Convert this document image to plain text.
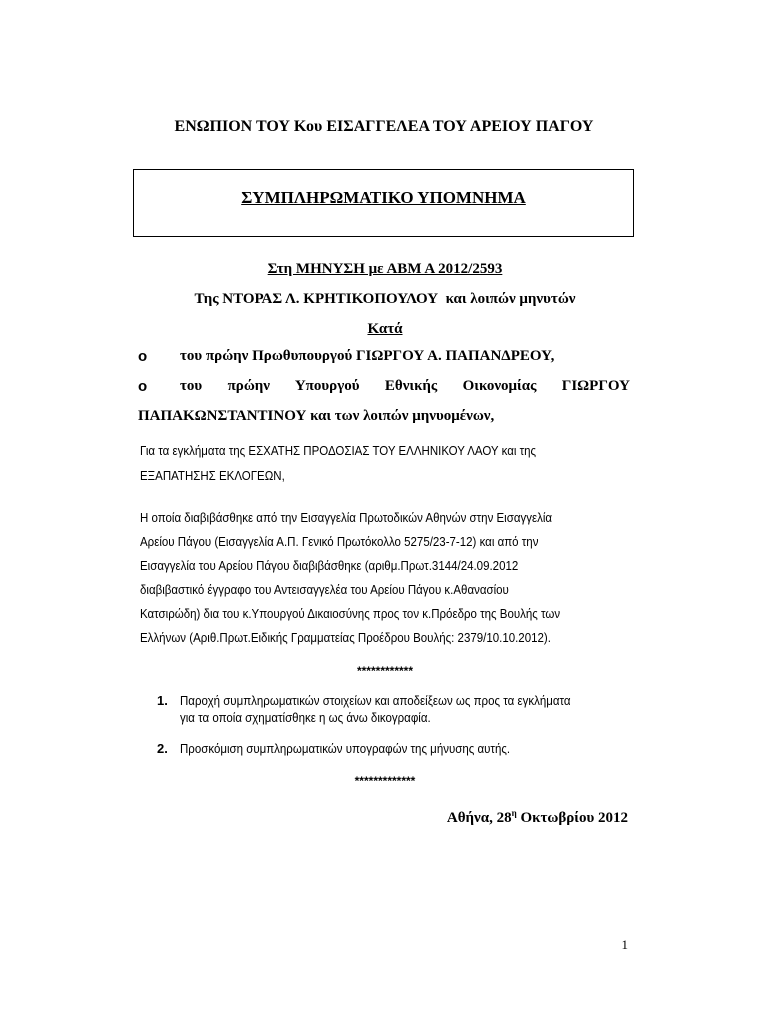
ΕΝΩΠΙΟΝ ΤΟΥ Κου ΕΙΣΑΓΓΕΛΕΑ ΤΟΥ ΑΡΕΙΟΥ ΠΑΓΟΥ
ΣΥΜΠΛΗΡΩΜΑΤΙΚΟ ΥΠΟΜΝΗΜΑ
Στη ΜΗΝΥΣΗ με ΑΒΜ Α 2012/2593
Της ΝΤΟΡΑΣ Λ. ΚΡΗΤΙΚΟΠΟΥΛΟΥ  και λοιπών μηνυτών
Κατά
o του πρώην Πρωθυπουργού ΓΙΩΡΓΟΥ Α. ΠΑΠΑΝΔΡΕΟΥ,
o του πρώην Υπουργού Εθνικής Οικονομίας ΓΙΩΡΓΟΥ
ΠΑΠΑΚΩΝΣΤΑΝΤΙΝΟΥ και των λοιπών μηνυομένων,
Για τα εγκλήματα της ΕΣΧΑΤΗΣ ΠΡΟΔΟΣΙΑΣ ΤΟΥ ΕΛΛΗΝΙΚΟΥ ΛΑΟΥ και της
ΕΞΑΠΑΤΗΣΗΣ ΕΚΛΟΓΕΩΝ,
Η οποία διαβιβάσθηκε από την Εισαγγελία Πρωτοδικών Αθηνών στην Εισαγγελία
Αρείου Πάγου (Εισαγγελία Α.Π. Γενικό Πρωτόκολλο 5275/23-7-12) και από την
Εισαγγελία του Αρείου Πάγου διαβιβάσθηκε (αριθμ.Πρωτ.3144/24.09.2012
διαβιβαστικό έγγραφο του Αντεισαγγελέα του Αρείου Πάγου κ.Αθανασίου
Κατσιρώδη) δια του κ.Υπουργού Δικαιοσύνης προς τον κ.Πρόεδρο της Βουλής των
Ελλήνων (Αριθ.Πρωτ.Ειδικής Γραμματείας Προέδρου Βουλής: 2379/10.10.2012).
************
1. Παροχή συμπληρωματικών στοιχείων και αποδείξεων ως προς τα εγκλήματα
για τα οποία σχηματίσθηκε η ως άνω δικογραφία.
2. Προσκόμιση συμπληρωματικών υπογραφών της μήνυσης αυτής.
*************
Αθήνα, $28^\eta$ Οκτωβρίου 2012
1
